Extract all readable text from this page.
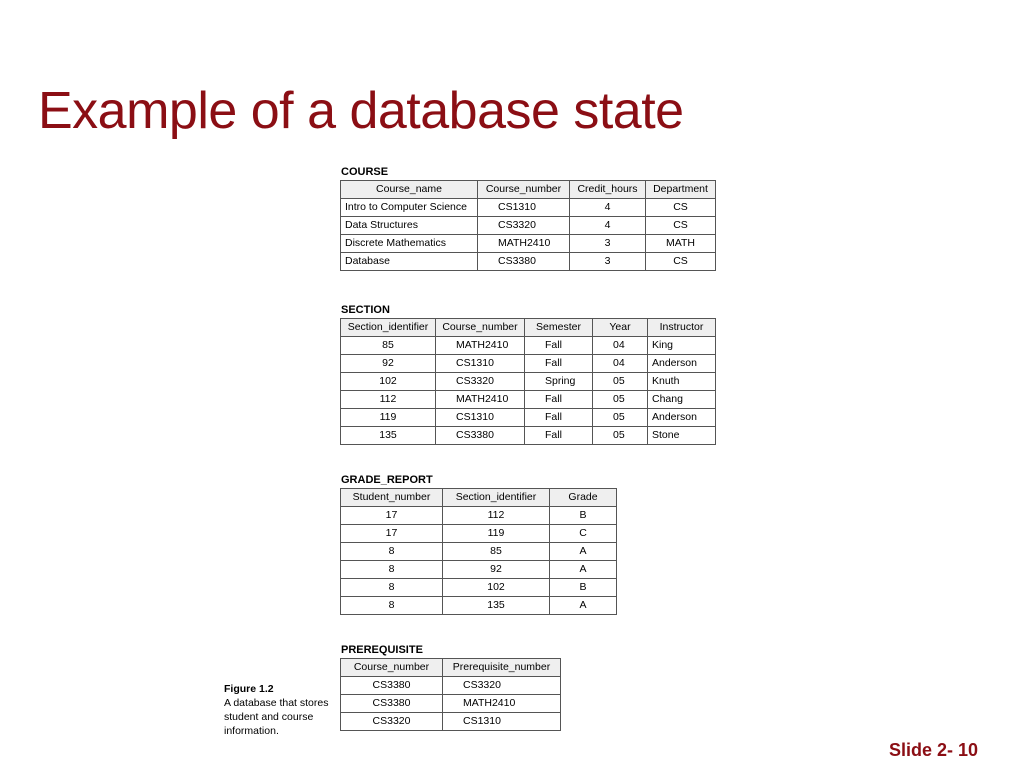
Example of a database state
COURSE
Course_name	Course_number	Credit_hours	Department
Intro to Computer Science	CS1310	4	CS
Data Structures	CS3320	4	CS
Discrete Mathematics	MATH2410	3	MATH
Database	CS3380	3	CS
SECTION
Section_identifier	Course_number	Semester	Year	Instructor
85	MATH2410	Fall	04	King
92	CS1310	Fall	04	Anderson
102	CS3320	Spring	05	Knuth
112	MATH2410	Fall	05	Chang
119	CS1310	Fall	05	Anderson
135	CS3380	Fall	05	Stone
GRADE_REPORT
Student_number	Section_identifier	Grade
17	112	B
17	119	C
8	85	A
8	92	A
8	102	B
8	135	A
PREREQUISITE
Course_number	Prerequisite_number
CS3380	CS3320
CS3380	MATH2410
CS3320	CS1310
Figure 1.2
A database that stores
student and course
information.
Slide 2- 10
